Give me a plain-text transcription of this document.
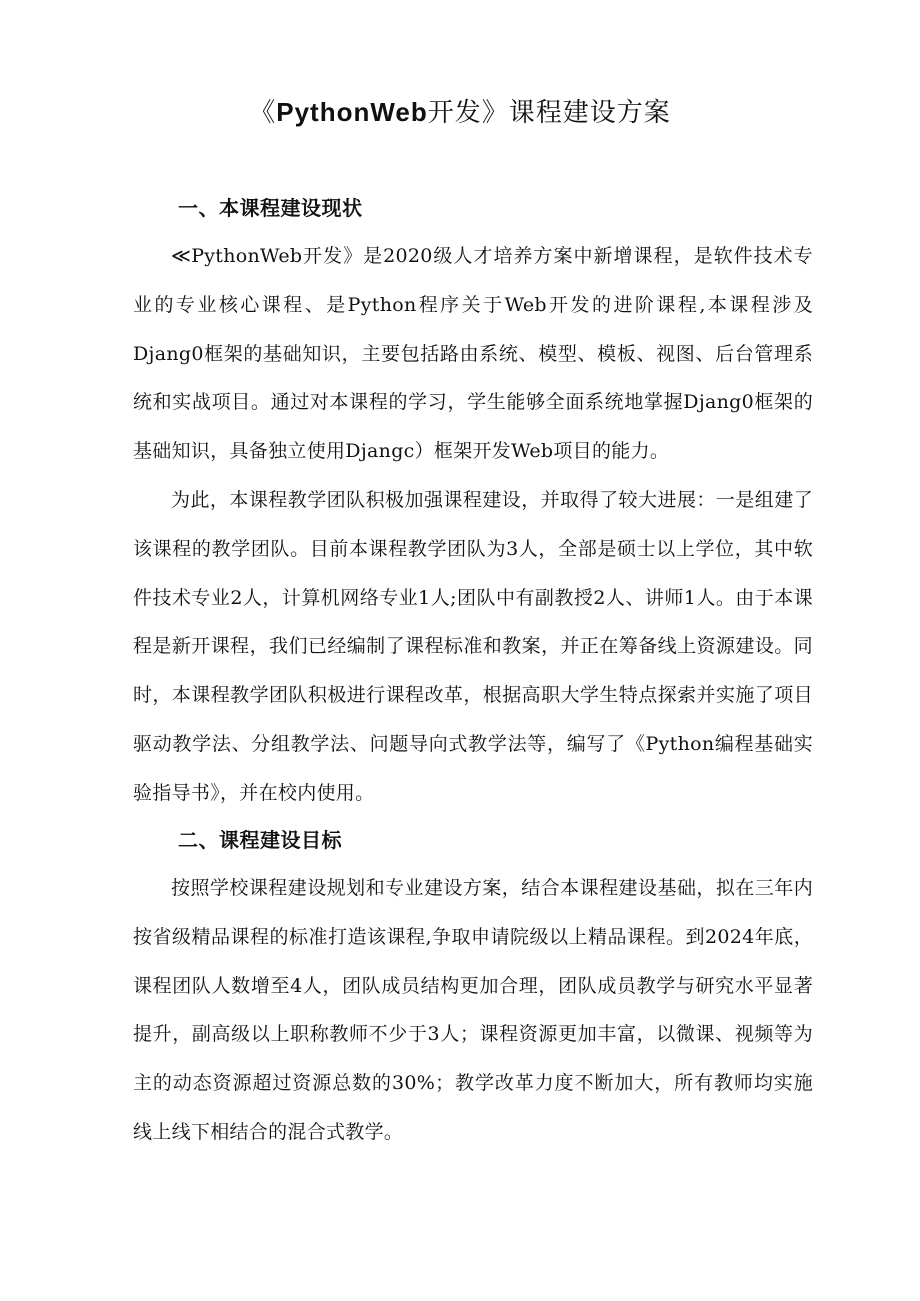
《PythonWeb开发》课程建设方案
一、本课程建设现状

≪PythonWeb开发》是2020级人才培养方案中新增课程，是软件技术专业的专业核心课程、是Python程序关于Web开发的进阶课程,本课程涉及Djang0框架的基础知识，主要包括路由系统、模型、模板、视图、后台管理系统和实战项目。通过对本课程的学习，学生能够全面系统地掌握Djang0框架的基础知识，具备独立使用Djangc）框架开发Web项目的能力。

为此，本课程教学团队积极加强课程建设，并取得了较大进展：一是组建了该课程的教学团队。目前本课程教学团队为3人，全部是硕士以上学位，其中软件技术专业2人，计算机网络专业1人;团队中有副教授2人、讲师1人。由于本课程是新开课程，我们已经编制了课程标准和教案，并正在筹备线上资源建设。同时，本课程教学团队积极进行课程改革，根据高职大学生特点探索并实施了项目驱动教学法、分组教学法、问题导向式教学法等，编写了《Python编程基础实验指导书》，并在校内使用。

二、课程建设目标

按照学校课程建设规划和专业建设方案，结合本课程建设基础，拟在三年内按省级精品课程的标准打造该课程,争取申请院级以上精品课程。到2024年底，课程团队人数增至4人，团队成员结构更加合理，团队成员教学与研究水平显著提升，副高级以上职称教师不少于3人；课程资源更加丰富，以微课、视频等为主的动态资源超过资源总数的30%；教学改革力度不断加大，所有教师均实施线上线下相结合的混合式教学。
